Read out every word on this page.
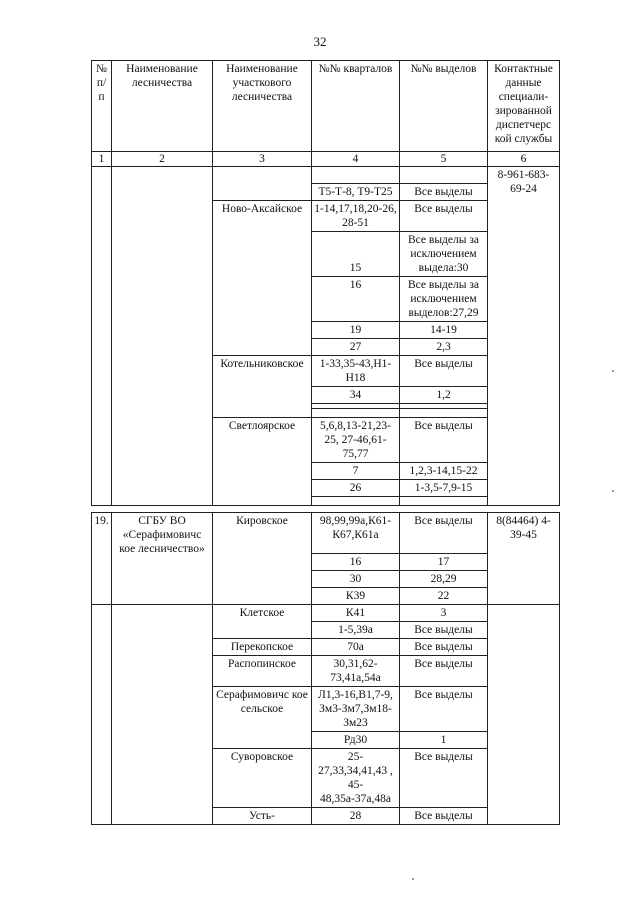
32
№ п/п	Наименование лесничества	Наименование участкового лесничества	№№ кварталов	№№ выделов	Контактные данные специали-зированной диспетчерс кой службы
1	2	3	4	5	6
					8-961-683-69-24
			Т5-Т-8, Т9-Т25	Все выделы	
		Ново-Аксайское	1-14,17,18,20-26, 28-51	Все выделы	
			15	Все выделы за исключением выдела:30	
			16	Все выделы за исключением выделов:27,29	
			19	14-19	
			27	2,3	
		Котельниковское	1-33,35-43,Н1-Н18	Все выделы	
			34	1,2	

		Светлоярское	5,6,8,13-21,23-25, 27-46,61-75,77	Все выделы	
			7	1,2,3-14,15-22	
			26	1-3,5-7,9-15	

19.	СГБУ ВО «Серафимовичс кое лесничество»	Кировское	98,99,99а,К61-К67,К61а	Все выделы	8(84464) 4-39-45
			16	17	
			30	28,29	
			К39	22	
		Клетское	К41	3	
			1-5,39а	Все выделы	
		Перекопское	70а	Все выделы	
		Распопинское	30,31,62-73,41а,54а	Все выделы	
		Серафимовичс кое сельское	Л1,3-16,В1,7-9, Зм3-Зм7,Зм18-Зм23	Все выделы	
			Рд30	1	
		Суворовское	25-27,33,34,41,43 , 45-48,35а-37а,48а	Все выделы	
		Усть-	28	Все выделы	
